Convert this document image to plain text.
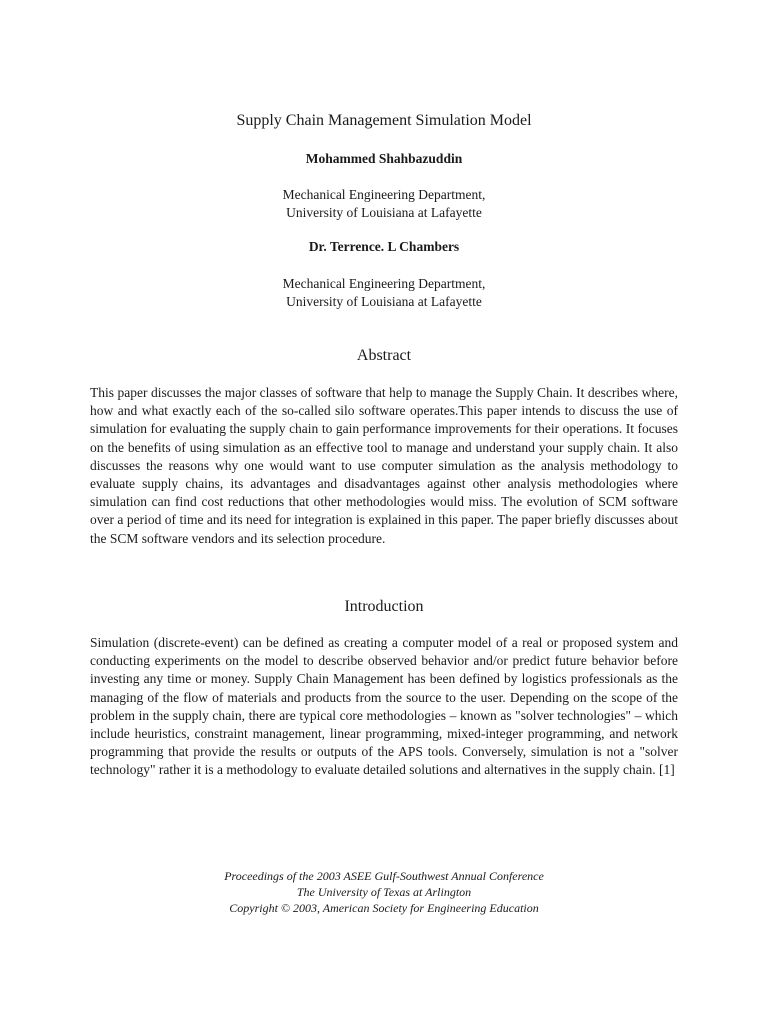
Supply Chain Management Simulation Model

Mohammed Shahbazuddin

Mechanical Engineering Department,
University of Louisiana at Lafayette

Dr. Terrence. L Chambers

Mechanical Engineering Department,
University of Louisiana at Lafayette

Abstract

This paper discusses the major classes of software that help to manage the Supply Chain. It describes where, how and what exactly each of the so-called silo software operates.This paper intends to discuss the use of simulation for evaluating the supply chain to gain performance improvements for their operations. It focuses on the benefits of using simulation as an effective tool to manage and understand your supply chain. It also discusses the reasons why one would want to use computer simulation as the analysis methodology to evaluate supply chains, its advantages and disadvantages against other analysis methodologies where simulation can find cost reductions that other methodologies would miss. The evolution of SCM software over a period of time and its need for integration is explained in this paper. The paper briefly discusses about the SCM software vendors and its selection procedure.

Introduction

Simulation (discrete-event) can be defined as creating a computer model of a real or proposed system and conducting experiments on the model to describe observed behavior and/or predict future behavior before investing any time or money. Supply Chain Management has been defined by logistics professionals as the managing of the flow of materials and products from the source to the user. Depending on the scope of the problem in the supply chain, there are typical core methodologies – known as "solver technologies" – which include heuristics, constraint management, linear programming, mixed-integer programming, and network programming that provide the results or outputs of the APS tools. Conversely, simulation is not a "solver technology" rather it is a methodology to evaluate detailed solutions and alternatives in the supply chain. [1]

Proceedings of the 2003 ASEE Gulf-Southwest Annual Conference
The University of Texas at Arlington
Copyright © 2003, American Society for Engineering Education
